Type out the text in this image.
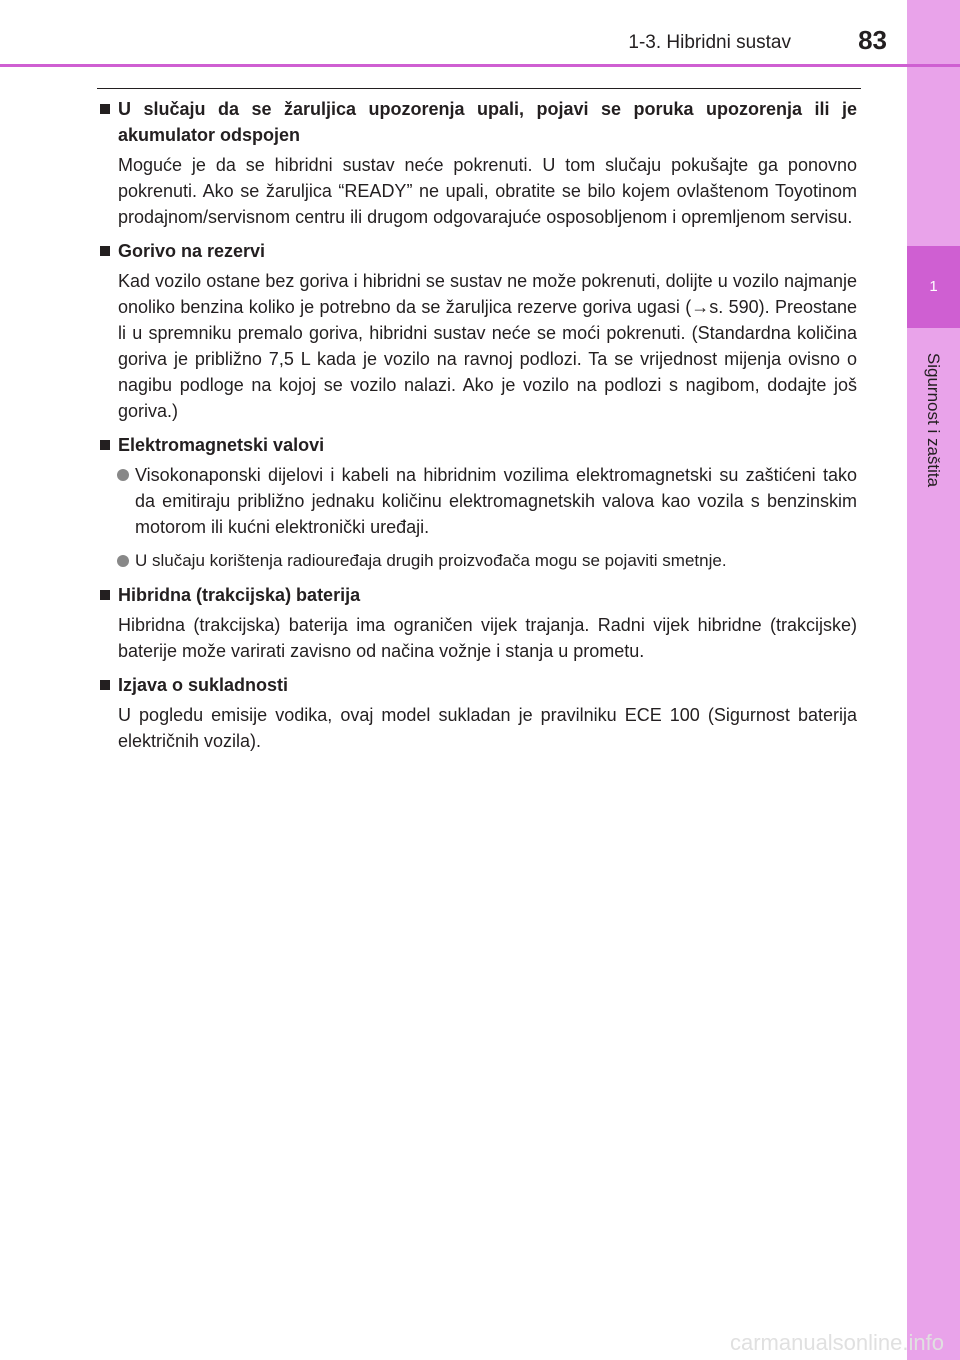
1
Sigurnost i zaštita
1-3. Hibridni sustav	83
U slučaju da se žaruljica upozorenja upali, pojavi se poruka upozorenja ili je akumulator odspojen
Moguće je da se hibridni sustav neće pokrenuti. U tom slučaju pokušajte ga ponovno pokrenuti. Ako se žaruljica “READY” ne upali, obratite se bilo kojem ovlaštenom Toyotinom prodajnom/servisnom centru ili drugom odgovarajuće osposobljenom i opremljenom servisu.
Gorivo na rezervi
Kad vozilo ostane bez goriva i hibridni se sustav ne može pokrenuti, dolijte u vozilo najmanje onoliko benzina koliko je potrebno da se žaruljica rezerve goriva ugasi (→s. 590). Preostane li u spremniku premalo goriva, hibridni sustav neće se moći pokrenuti. (Standardna količina goriva je približno 7,5 L kada je vozilo na ravnoj podlozi. Ta se vrijednost mijenja ovisno o nagibu podloge na kojoj se vozilo nalazi. Ako je vozilo na podlozi s nagibom, dodajte još goriva.)
Elektromagnetski valovi
Visokonaponski dijelovi i kabeli na hibridnim vozilima elektromagnetski su zaštićeni tako da emitiraju približno jednaku količinu elektromagnetskih valova kao vozila s benzinskim motorom ili kućni elektronički uređaji.
U slučaju korištenja radiouređaja drugih proizvođača mogu se pojaviti smetnje.
Hibridna (trakcijska) baterija
Hibridna (trakcijska) baterija ima ograničen vijek trajanja. Radni vijek hibridne (trakcijske) baterije može varirati zavisno od načina vožnje i stanja u prometu.
Izjava o sukladnosti
U pogledu emisije vodika, ovaj model sukladan je pravilniku ECE 100 (Sigurnost baterija električnih vozila).
carmanualsonline.info
